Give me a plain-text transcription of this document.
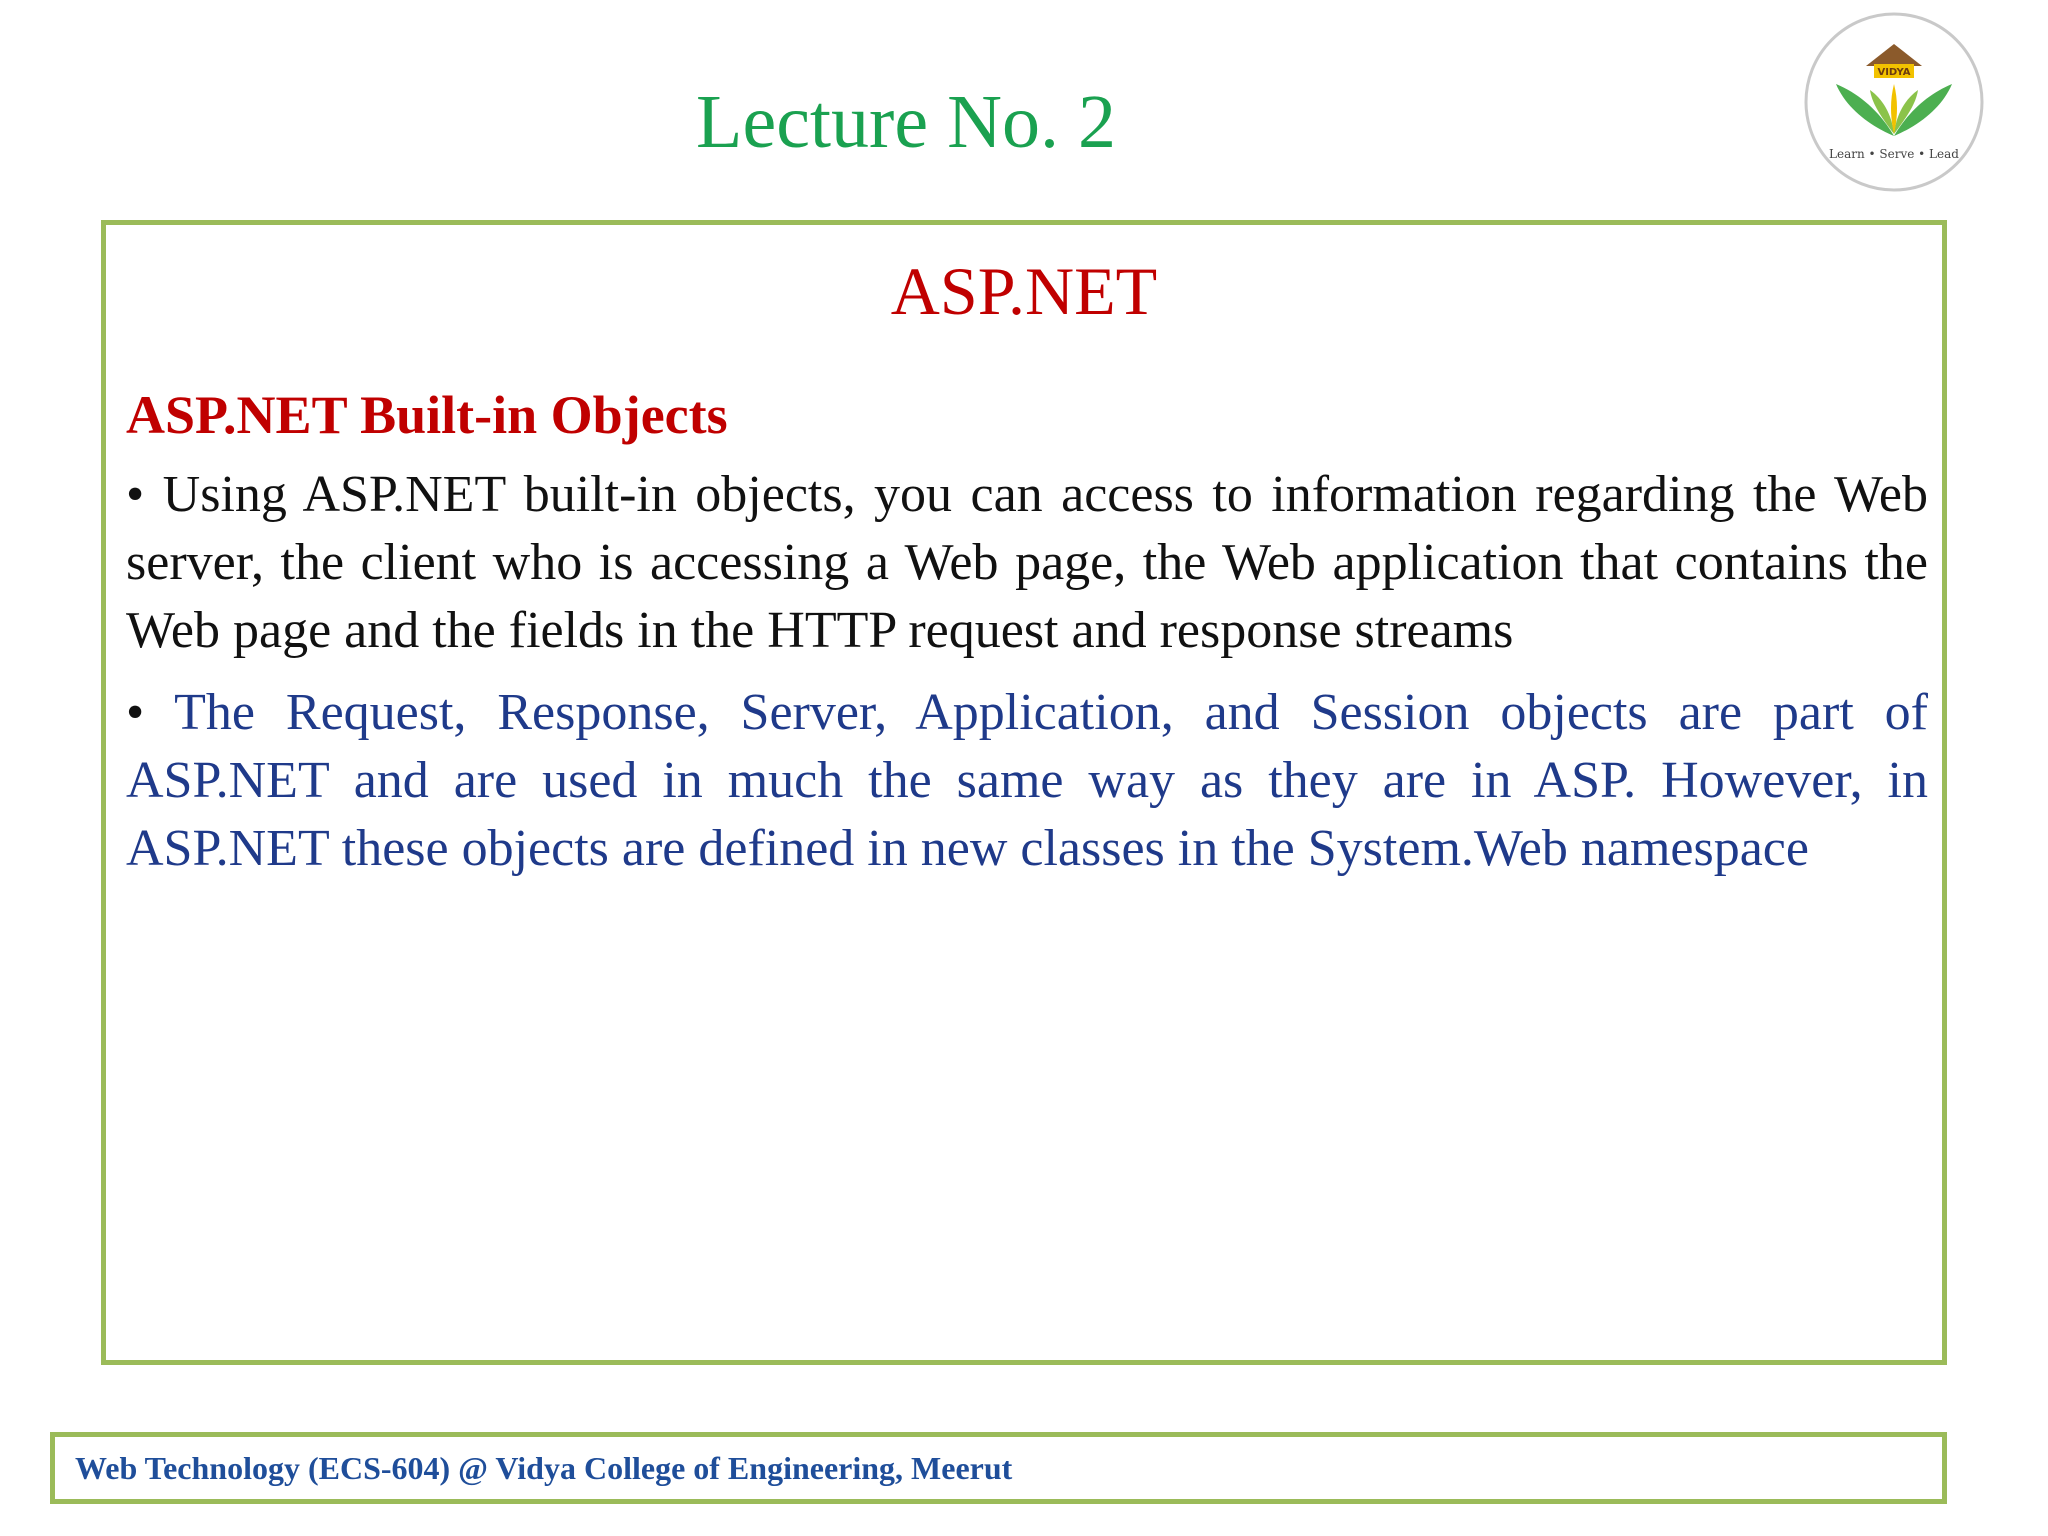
Lecture No. 2
VIDYA
Learn • Serve • Lead
ASP.NET
ASP.NET Built-in Objects

• Using ASP.NET built-in objects, you can access to information regarding the Web server, the client who is accessing a Web page, the Web application that contains the Web page and the fields in the HTTP request and response streams

• The Request, Response, Server, Application, and Session objects are part of ASP.NET and are used in much the same way as they are in ASP. However, in ASP.NET these objects are defined in new classes in the System.Web namespace

Web Technology (ECS-604) @ Vidya College of Engineering, Meerut
